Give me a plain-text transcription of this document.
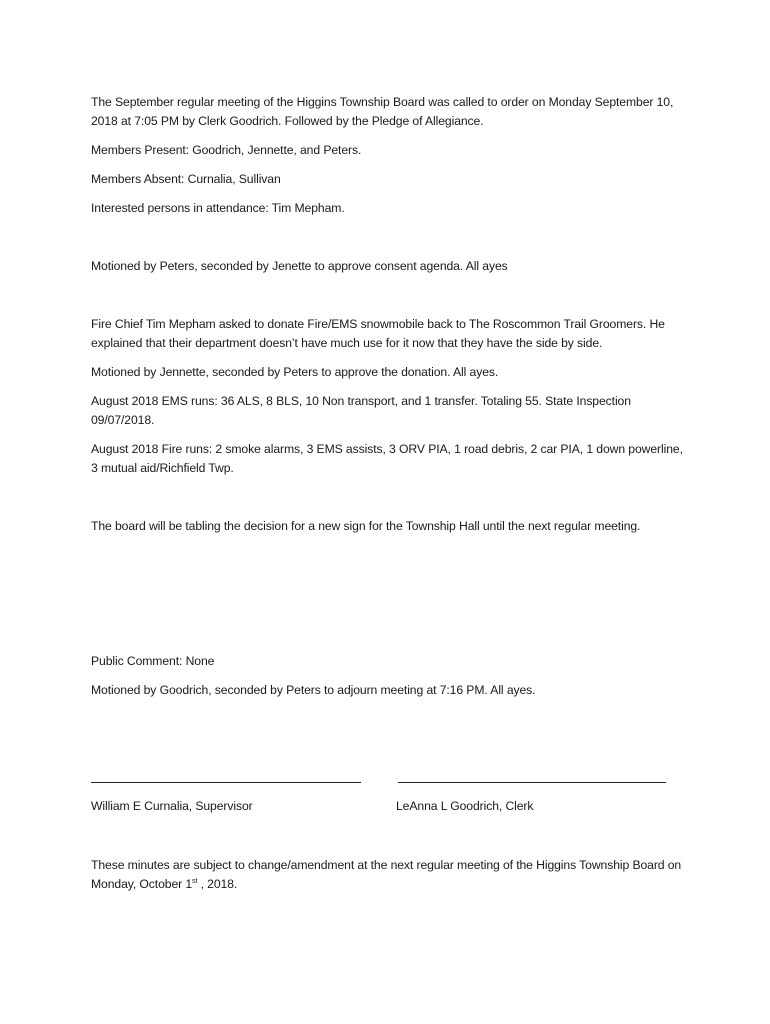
The September regular meeting of the Higgins Township Board was called to order on Monday September 10, 2018 at 7:05 PM by Clerk Goodrich. Followed by the Pledge of Allegiance.

Members Present: Goodrich, Jennette, and Peters.

Members Absent: Curnalia, Sullivan

Interested persons in attendance: Tim Mepham.

Motioned by Peters, seconded by Jenette to approve consent agenda. All ayes

Fire Chief Tim Mepham asked to donate Fire/EMS snowmobile back to The Roscommon Trail Groomers. He explained that their department doesn’t have much use for it now that they have the side by side.

Motioned by Jennette, seconded by Peters to approve the donation. All ayes.

August 2018 EMS runs: 36 ALS, 8 BLS, 10 Non transport, and 1 transfer. Totaling 55. State Inspection 09/07/2018.

August 2018 Fire runs: 2 smoke alarms, 3 EMS assists, 3 ORV PIA, 1 road debris, 2 car PIA, 1 down powerline, 3 mutual aid/Richfield Twp.

The board will be tabling the decision for a new sign for the Township Hall until the next regular meeting.

Public Comment: None

Motioned by Goodrich, seconded by Peters to adjourn meeting at 7:16 PM. All ayes.

William E Curnalia, Supervisor	LeAnna L Goodrich, Clerk

These minutes are subject to change/amendment at the next regular meeting of the Higgins Township Board on Monday, October 1st , 2018.
